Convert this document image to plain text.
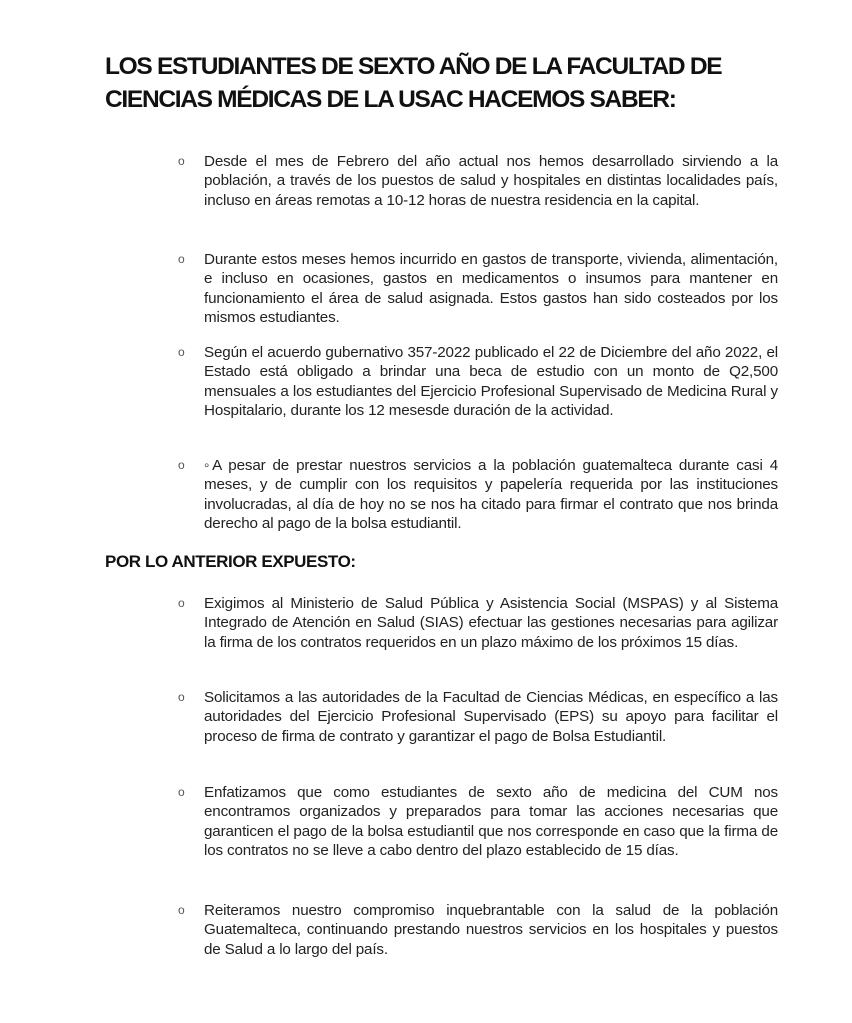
LOS ESTUDIANTES DE SEXTO AÑO DE LA FACULTAD DE
CIENCIAS MÉDICAS DE LA USAC HACEMOS SABER:
o Desde el mes de Febrero del año actual nos hemos desarrollado sirviendo a la población, a través de los puestos de salud y hospitales en distintas localidades país, incluso en áreas remotas a 10-12 horas de nuestra residencia en la capital.
o Durante estos meses hemos incurrido en gastos de transporte, vivienda, alimentación, e incluso en ocasiones, gastos en medicamentos o insumos para mantener en funcionamiento el área de salud asignada. Estos gastos han sido costeados por los mismos estudiantes.
o Según el acuerdo gubernativo 357-2022 publicado el 22 de Diciembre del año 2022, el Estado está obligado a brindar una beca de estudio con un monto de Q2,500 mensuales a los estudiantes del Ejercicio Profesional Supervisado de Medicina Rural y Hospitalario, durante los 12 mesesde duración de la actividad.
o ◦A pesar de prestar nuestros servicios a la población guatemalteca durante casi 4 meses, y de cumplir con los requisitos y papelería requerida por las instituciones involucradas, al día de hoy no se nos ha citado para firmar el contrato que nos brinda derecho al pago de la bolsa estudiantil.
POR LO ANTERIOR EXPUESTO:
o Exigimos al Ministerio de Salud Pública y Asistencia Social (MSPAS) y al Sistema Integrado de Atención en Salud (SIAS) efectuar las gestiones necesarias para agilizar la firma de los contratos requeridos en un plazo máximo de los próximos 15 días.
o Solicitamos a las autoridades de la Facultad de Ciencias Médicas, en específico a las autoridades del Ejercicio Profesional Supervisado (EPS) su apoyo para facilitar el proceso de firma de contrato y garantizar el pago de Bolsa Estudiantil.
o Enfatizamos que como estudiantes de sexto año de medicina del CUM nos encontramos organizados y preparados para tomar las acciones necesarias que garanticen el pago de la bolsa estudiantil que nos corresponde en caso que la firma de los contratos no se lleve a cabo dentro del plazo establecido de 15 días.
o Reiteramos nuestro compromiso inquebrantable con la salud de la población Guatemalteca, continuando prestando nuestros servicios en los hospitales y puestos de Salud a lo largo del país.
